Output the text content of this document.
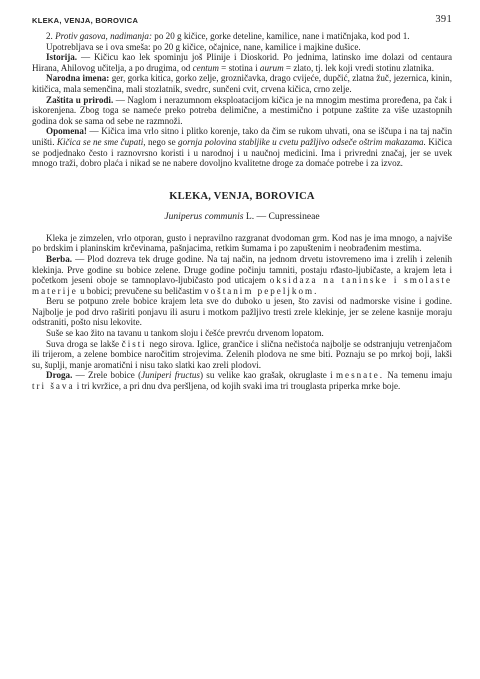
KLEKA, VENJA, BOROVICA	391

2. Protiv gasova, nadimanja: po 20 g kičice, gorke deteline, kamilice, nane i matičnjaka, kod pod 1.

Upotrebljava se i ova smeša: po 20 g kičice, očajnice, nane, kamilice i majkine dušice.

Istorija. — Kičicu kao lek spominju još Plinije i Dioskorid. Po jednima, latinsko ime dolazi od centaura Hirana, Ahilovog učitelja, a po drugima, od centum = stotina i aurum = zlato, tj. lek koji vredi stotinu zlatnika.

Narodna imena: ger, gorka kitica, gorko zelje, grozničavka, drago cvijeće, dupčić, zlatna žuč, jezernica, kinin, kitičica, mala semenčina, mali stozlatnik, svedrc, sunčeni cvit, crvena kičica, crno zelje.

Zaštita u prirodi. — Naglom i nerazumnom eksploatacijom kičica je na mnogim mestima proređena, pa čak i iskorenjena. Zbog toga se nameće preko potreba delimične, a mestimično i potpune zaštite za više uzastopnih godina dok se sama od sebe ne razmnoži.

Opomena! — Kičica ima vrlo sitno i plitko korenje, tako da čim se rukom uhvati, ona se iščupa i na taj način uništi. Kičica se ne sme čupati, nego se gornja polovina stabljike u cvetu pažljivo odseče oštrim makazama. Kičica se podjednako često i raznovrsno koristi i u narodnoj i u naučnoj medicini. Ima i privredni značaj, jer se uvek mnogo traži, dobro plaća i nikad se ne nabere dovoljno kvalitetne droge za domaće potrebe i za izvoz.

KLEKA, VENJA, BOROVICA
Juniperus communis L. — Cupressineae

Kleka je zimzelen, vrlo otporan, gusto i nepravilno razgranat dvodoman grm. Kod nas je ima mnogo, a najviše po brdskim i planinskim krčevinama, pašnjacima, retkim šumama i po zapuštenim i neobrađenim mestima.

Berba. — Plod dozreva tek druge godine. Na taj način, na jednom drvetu istovremeno ima i zrelih i zelenih klekinja. Prve godine su bobice zelene. Druge godine počinju tamniti, postaju rđasto-ljubičaste, a krajem leta i početkom jeseni obоje se tamnoplavo-ljubičasto pod uticajem oksidaza na taninske i smolaste materije u bobici; prevučene su beličastim voštanim pepeljkom.

Beru se potpuno zrele bobice krajem leta sve do duboko u jesen, što zavisi od nadmorske visine i godine. Najbolje je pod drvo raširiti ponjavu ili asuru i motkom pažljivo tresti zrele klekinje, jer se zelene kasnije moraju odstraniti, pošto nisu lekovite.

Suše se kao žito na tavanu u tankom sloju i češće prevrću drvenom lopatom.

Suva droga se lakše čisti nego sirova. Iglice, grančice i slična nečistoća najbolje se odstranjuju vetrenjačom ili trijerom, a zelene bombice naročitim strojevima. Zelenih plodova ne sme biti. Poznaju se po mrkoj boji, lakši su, šuplji, manje aromatični i nisu tako slatki kao zreli plodovi.

Droga. — Zrele bobice (Juniperi fructus) su velike kao grašak, okruglaste i mesnate. Na temenu imaju tri šava i tri kvržice, a pri dnu dva peršljena, od kojih svaki ima tri trouglasta priperka mrke boje.
